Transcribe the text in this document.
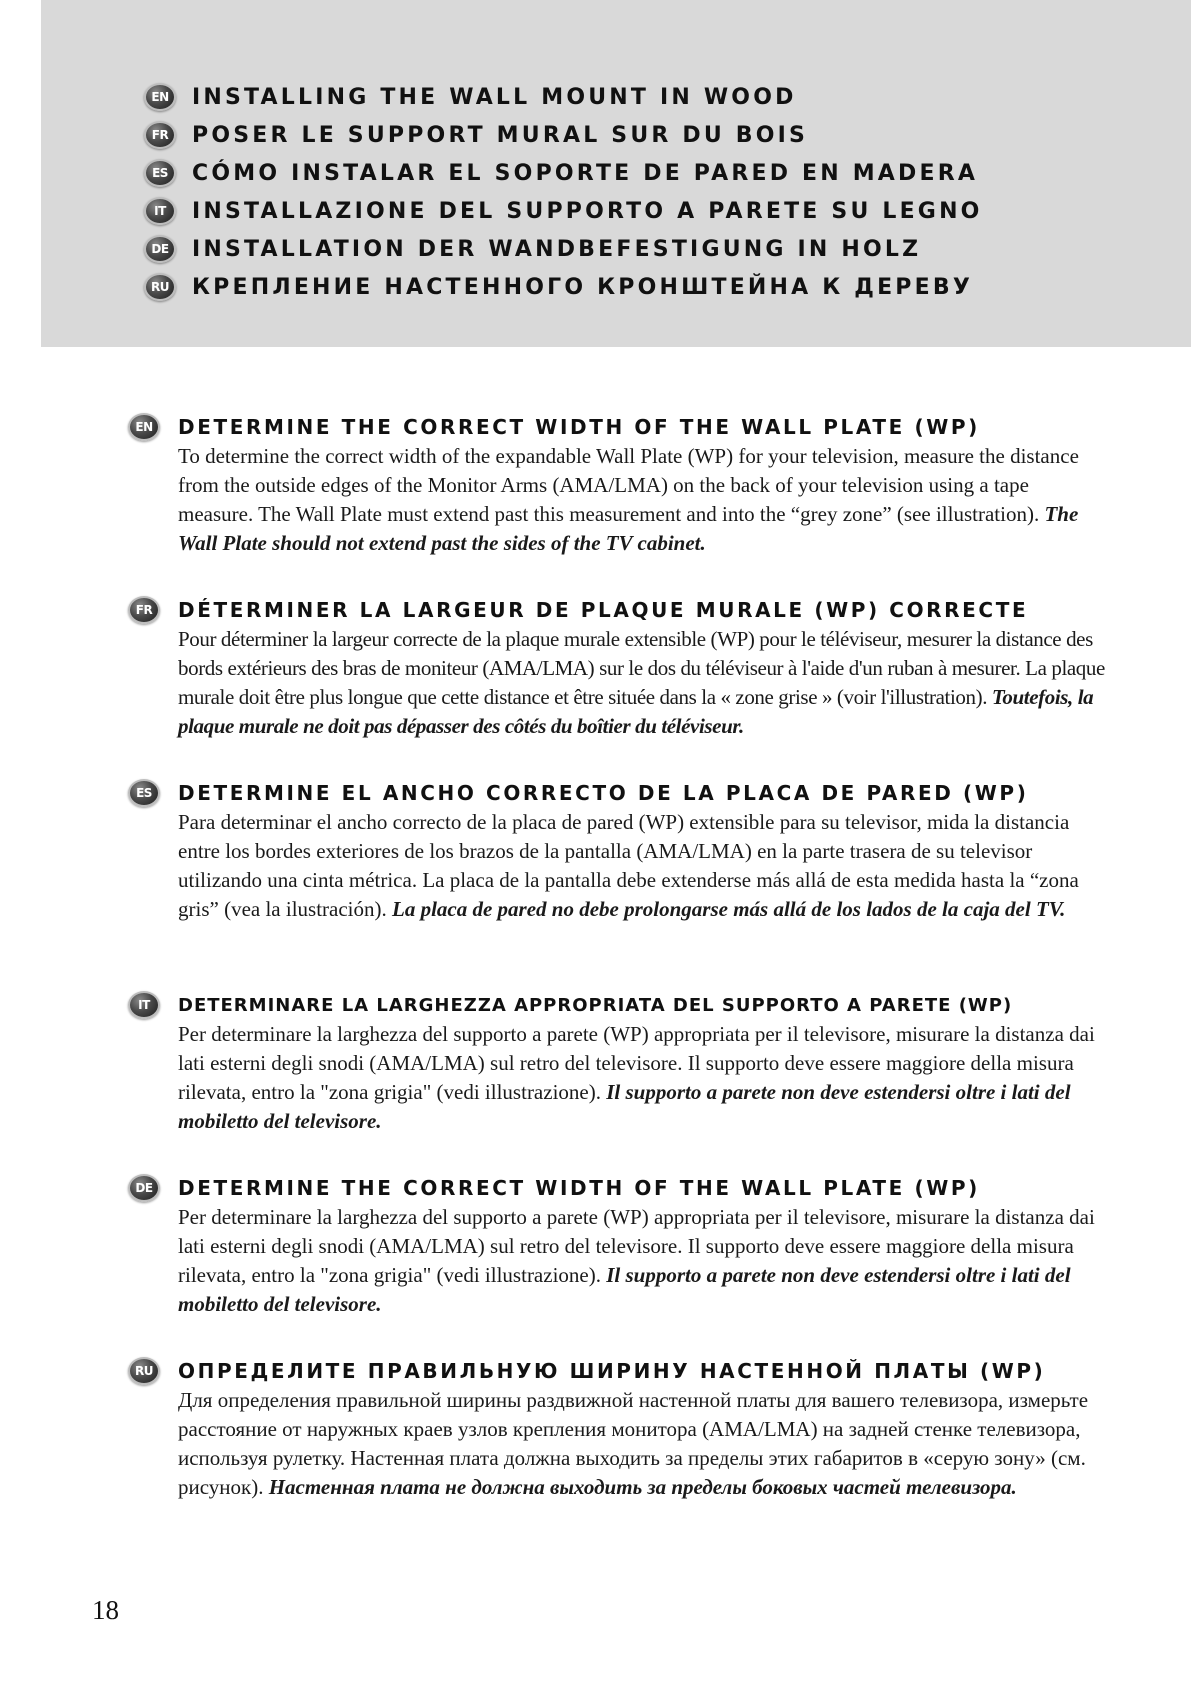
EN	INSTALLING THE WALL MOUNT IN WOOD
FR	POSER LE SUPPORT MURAL SUR DU BOIS
ES	CÓMO INSTALAR EL SOPORTE DE PARED EN MADERA
IT	INSTALLAZIONE DEL SUPPORTO A PARETE SU LEGNO
DE	INSTALLATION DER WANDBEFESTIGUNG IN HOLZ
RU	КРЕПЛЕНИЕ НАСТЕННОГО КРОНШТЕЙНА К ДЕРЕВУ
EN	DETERMINE THE CORRECT WIDTH OF THE WALL PLATE (WP)
To determine the correct width of the expandable Wall Plate (WP) for your television, measure the distance from the outside edges of the Monitor Arms (AMA/LMA) on the back of your television using a tape measure. The Wall Plate must extend past this measurement and into the “grey zone” (see illustration). The Wall Plate should not extend past the sides of the TV cabinet.
FR	DÉTERMINER LA LARGEUR DE PLAQUE MURALE (WP) CORRECTE
Pour déterminer la largeur correcte de la plaque murale extensible (WP) pour le téléviseur, mesurer la distance des bords extérieurs des bras de moniteur (AMA/LMA) sur le dos du téléviseur à l'aide d'un ruban à mesurer. La plaque murale doit être plus longue que cette distance et être située dans la « zone grise » (voir l'illustration). Toutefois, la plaque murale ne doit pas dépasser des côtés du boîtier du téléviseur.
ES	DETERMINE EL ANCHO CORRECTO DE LA PLACA DE PARED (WP)
Para determinar el ancho correcto de la placa de pared (WP) extensible para su televisor, mida la distancia entre los bordes exteriores de los brazos de la pantalla (AMA/LMA) en la parte trasera de su televisor utilizando una cinta métrica. La placa de la pantalla debe extenderse más allá de esta medida hasta la “zona gris” (vea la ilustración). La placa de pared no debe prolongarse más allá de los lados de la caja del TV.
IT	DETERMINARE LA LARGHEZZA APPROPRIATA DEL SUPPORTO A PARETE (WP)
Per determinare la larghezza del supporto a parete (WP) appropriata per il televisore, misurare la distanza dai lati esterni degli snodi (AMA/LMA) sul retro del televisore. Il supporto deve essere maggiore della misura rilevata, entro la "zona grigia" (vedi illustrazione). Il supporto a parete non deve estendersi oltre i lati del mobiletto del televisore.
DE	DETERMINE THE CORRECT WIDTH OF THE WALL PLATE (WP)
Per determinare la larghezza del supporto a parete (WP) appropriata per il televisore, misurare la distanza dai lati esterni degli snodi (AMA/LMA) sul retro del televisore. Il supporto deve essere maggiore della misura rilevata, entro la "zona grigia" (vedi illustrazione). Il supporto a parete non deve estendersi oltre i lati del mobiletto del televisore.
RU	ОПРЕДЕЛИТЕ ПРАВИЛЬНУЮ ШИРИНУ НАСТЕННОЙ ПЛАТЫ (WP)
Для определения правильной ширины раздвижной настенной платы для вашего телевизора, измерьте расстояние от наружных краев узлов крепления монитора (AMA/LMA) на задней стенке телевизора, используя рулетку. Настенная плата должна выходить за пределы этих габаритов в «серую зону» (см. рисунок). Настенная плата не должна выходить за пределы боковых частей телевизора.
18
